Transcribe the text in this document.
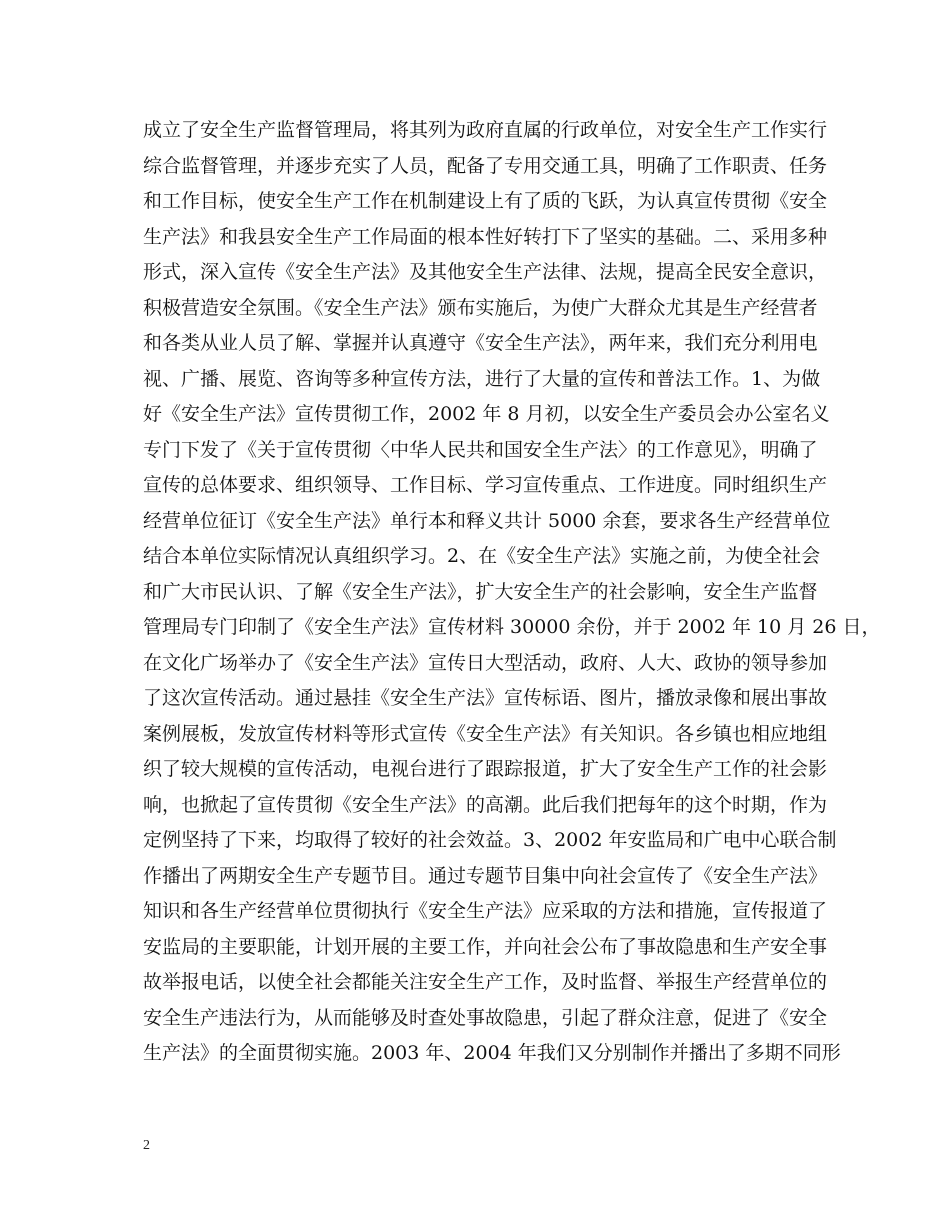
成立了安全生产监督管理局，将其列为政府直属的行政单位，对安全生产工作实行
综合监督管理，并逐步充实了人员，配备了专用交通工具，明确了工作职责、任务
和工作目标，使安全生产工作在机制建设上有了质的飞跃，为认真宣传贯彻《安全
生产法》和我县安全生产工作局面的根本性好转打下了坚实的基础。二、采用多种
形式，深入宣传《安全生产法》及其他安全生产法律、法规，提高全民安全意识，
积极营造安全氛围。《安全生产法》颁布实施后，为使广大群众尤其是生产经营者
和各类从业人员了解、掌握并认真遵守《安全生产法》，两年来，我们充分利用电
视、广播、展览、咨询等多种宣传方法，进行了大量的宣传和普法工作。1、为做
好《安全生产法》宣传贯彻工作，2002 年 8 月初，以安全生产委员会办公室名义
专门下发了《关于宣传贯彻〈中华人民共和国安全生产法〉的工作意见》，明确了
宣传的总体要求、组织领导、工作目标、学习宣传重点、工作进度。同时组织生产
经营单位征订《安全生产法》单行本和释义共计 5000 余套，要求各生产经营单位
结合本单位实际情况认真组织学习。2、在《安全生产法》实施之前，为使全社会
和广大市民认识、了解《安全生产法》，扩大安全生产的社会影响，安全生产监督
管理局专门印制了《安全生产法》宣传材料 30000 余份，并于 2002 年 10 月 26 日，
在文化广场举办了《安全生产法》宣传日大型活动，政府、人大、政协的领导参加
了这次宣传活动。通过悬挂《安全生产法》宣传标语、图片，播放录像和展出事故
案例展板，发放宣传材料等形式宣传《安全生产法》有关知识。各乡镇也相应地组
织了较大规模的宣传活动，电视台进行了跟踪报道，扩大了安全生产工作的社会影
响，也掀起了宣传贯彻《安全生产法》的高潮。此后我们把每年的这个时期，作为
定例坚持了下来，均取得了较好的社会效益。3、2002 年安监局和广电中心联合制
作播出了两期安全生产专题节目。通过专题节目集中向社会宣传了《安全生产法》
知识和各生产经营单位贯彻执行《安全生产法》应采取的方法和措施，宣传报道了
安监局的主要职能，计划开展的主要工作，并向社会公布了事故隐患和生产安全事
故举报电话，以使全社会都能关注安全生产工作，及时监督、举报生产经营单位的
安全生产违法行为，从而能够及时查处事故隐患，引起了群众注意，促进了《安全
生产法》的全面贯彻实施。2003 年、2004 年我们又分别制作并播出了多期不同形
2
